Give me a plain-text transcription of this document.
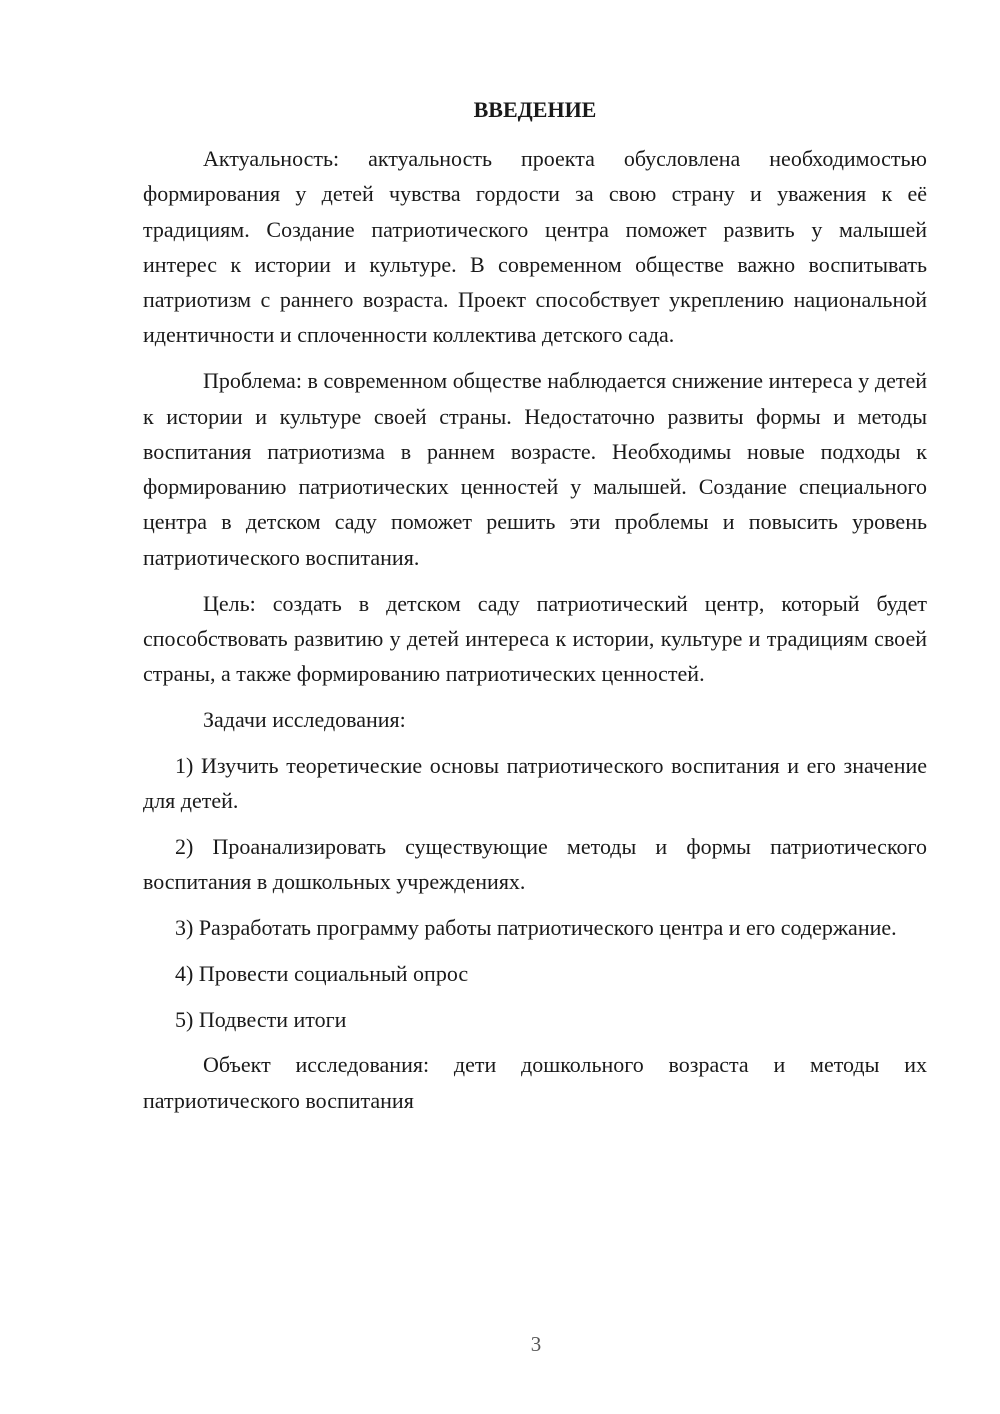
ВВЕДЕНИЕ

Актуальность: актуальность проекта обусловлена необходимостью формирования у детей чувства гордости за свою страну и уважения к её традициям. Создание патриотического центра поможет развить у малышей интерес к истории и культуре. В современном обществе важно воспитывать патриотизм с раннего возраста. Проект способствует укреплению национальной идентичности и сплоченности коллектива детского сада.

Проблема: в современном обществе наблюдается снижение интереса у детей к истории и культуре своей страны. Недостаточно развиты формы и методы воспитания патриотизма в раннем возрасте. Необходимы новые подходы к формированию патриотических ценностей у малышей. Создание специального центра в детском саду поможет решить эти проблемы и повысить уровень патриотического воспитания.

Цель: создать в детском саду патриотический центр, который будет способствовать развитию у детей интереса к истории, культуре и традициям своей страны, а также формированию патриотических ценностей.

Задачи исследования:

1) Изучить теоретические основы патриотического воспитания и его значение для детей.

2) Проанализировать существующие методы и формы патриотического воспитания в дошкольных учреждениях.

3) Разработать программу работы патриотического центра и его содержание.

4) Провести социальный опрос

5) Подвести итоги

Объект исследования: дети дошкольного возраста и методы их патриотического воспитания

3
